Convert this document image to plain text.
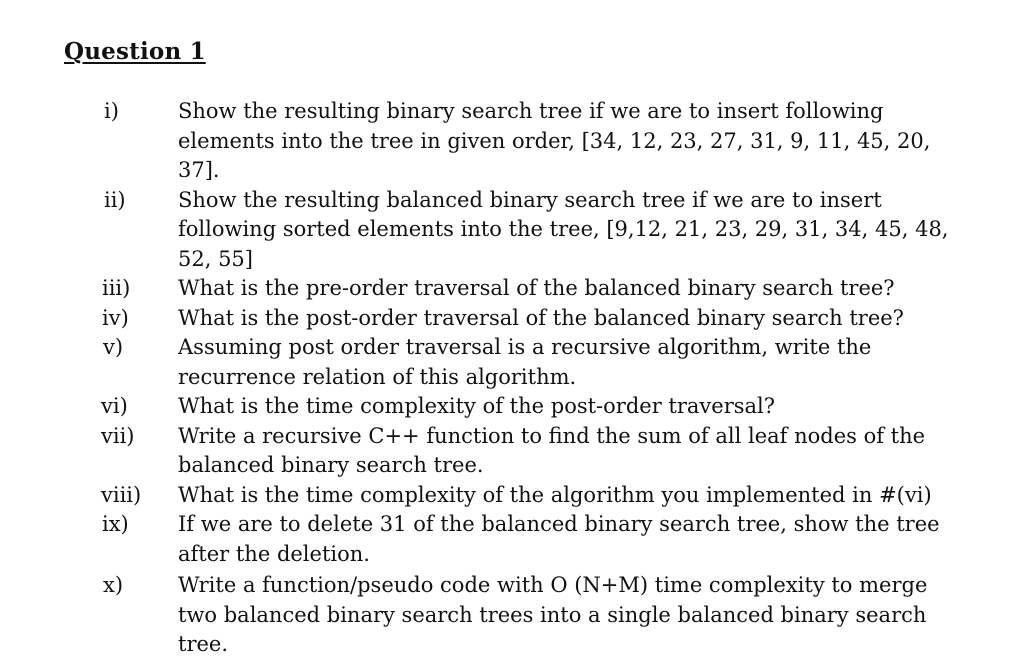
Question 1
i)	Show the resulting binary search tree if we are to insert following
elements into the tree in given order, [34, 12, 23, 27, 31, 9, 11, 45, 20, 37].
ii) Show the resulting balanced binary search tree if we are to insert
following sorted elements into the tree, [9,12, 21, 23, 29, 31, 34, 45, 48,
52, 55]
iii) What is the pre-order traversal of the balanced binary search tree?
iv) What is the post-order traversal of the balanced binary search tree?
v)	Assuming post order traversal is a recursive algorithm, write the
recurrence relation of this algorithm.
vi) What is the time complexity of the post-order traversal?
vii) Write a recursive C++ function to find the sum of all leaf nodes of the
balanced binary search tree.
viii) What is the time complexity of the algorithm you implemented in #(vi)
ix) If we are to delete 31 of the balanced binary search tree, show the tree
after the deletion.
x)	Write a function/pseudo code with O (N+M) time complexity to merge
two balanced binary search trees into a single balanced binary search
tree.
